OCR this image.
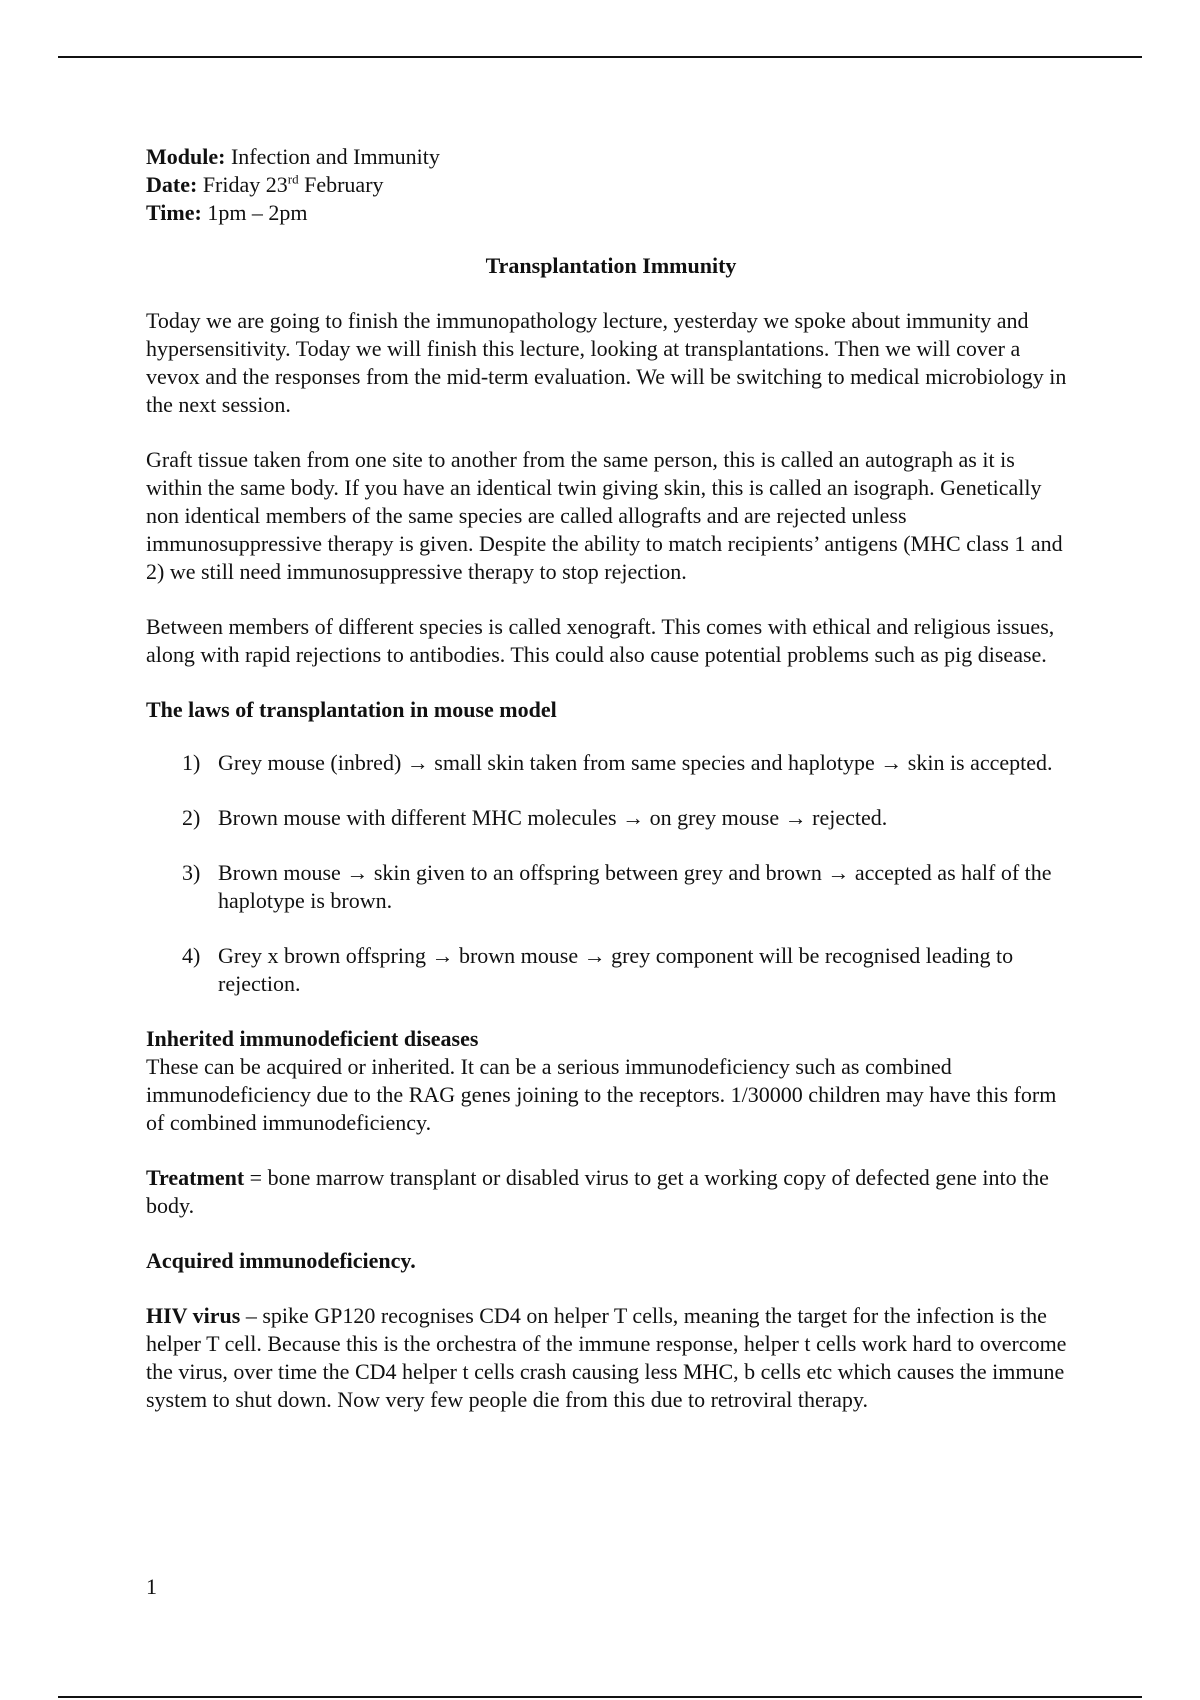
Module: Infection and Immunity

Date: Friday 23rd February

Time: 1pm – 2pm

Transplantation Immunity

Today we are going to finish the immunopathology lecture, yesterday we spoke about immunity and hypersensitivity. Today we will finish this lecture, looking at transplantations. Then we will cover a vevox and the responses from the mid-term evaluation. We will be switching to medical microbiology in the next session.

Graft tissue taken from one site to another from the same person, this is called an autograph as it is within the same body. If you have an identical twin giving skin, this is called an isograph. Genetically non identical members of the same species are called allografts and are rejected unless immunosuppressive therapy is given. Despite the ability to match recipients’ antigens (MHC class 1 and 2) we still need immunosuppressive therapy to stop rejection.

Between members of different species is called xenograft. This comes with ethical and religious issues, along with rapid rejections to antibodies. This could also cause potential problems such as pig disease.

The laws of transplantation in mouse model

1) Grey mouse (inbred) → small skin taken from same species and haplotype → skin is accepted.
2) Brown mouse with different MHC molecules → on grey mouse → rejected.
3) Brown mouse → skin given to an offspring between grey and brown → accepted as half of the haplotype is brown.
4) Grey x brown offspring → brown mouse → grey component will be recognised leading to rejection.

Inherited immunodeficient diseases

These can be acquired or inherited. It can be a serious immunodeficiency such as combined immunodeficiency due to the RAG genes joining to the receptors. 1/30000 children may have this form of combined immunodeficiency.

Treatment = bone marrow transplant or disabled virus to get a working copy of defected gene into the body.

Acquired immunodeficiency.

HIV virus – spike GP120 recognises CD4 on helper T cells, meaning the target for the infection is the helper T cell. Because this is the orchestra of the immune response, helper t cells work hard to overcome the virus, over time the CD4 helper t cells crash causing less MHC, b cells etc which causes the immune system to shut down. Now very few people die from this due to retroviral therapy.

1
